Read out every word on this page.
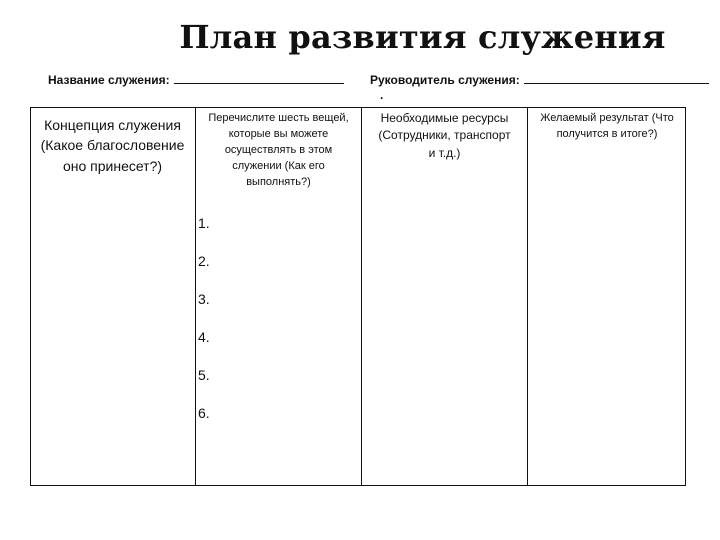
План развития служения
Название служения:	Руководитель служения:
.
Концепция служения (Какое благословение оно принесет?)
Перечислите шесть вещей, которые вы можете осуществлять в этом служении (Как его выполнять?)
Необходимые ресурсы (Сотрудники, транспорт
и т.д.)
Желаемый результат (Что получится в итоге?)
1.
2.
3.
4.
5.
6.
